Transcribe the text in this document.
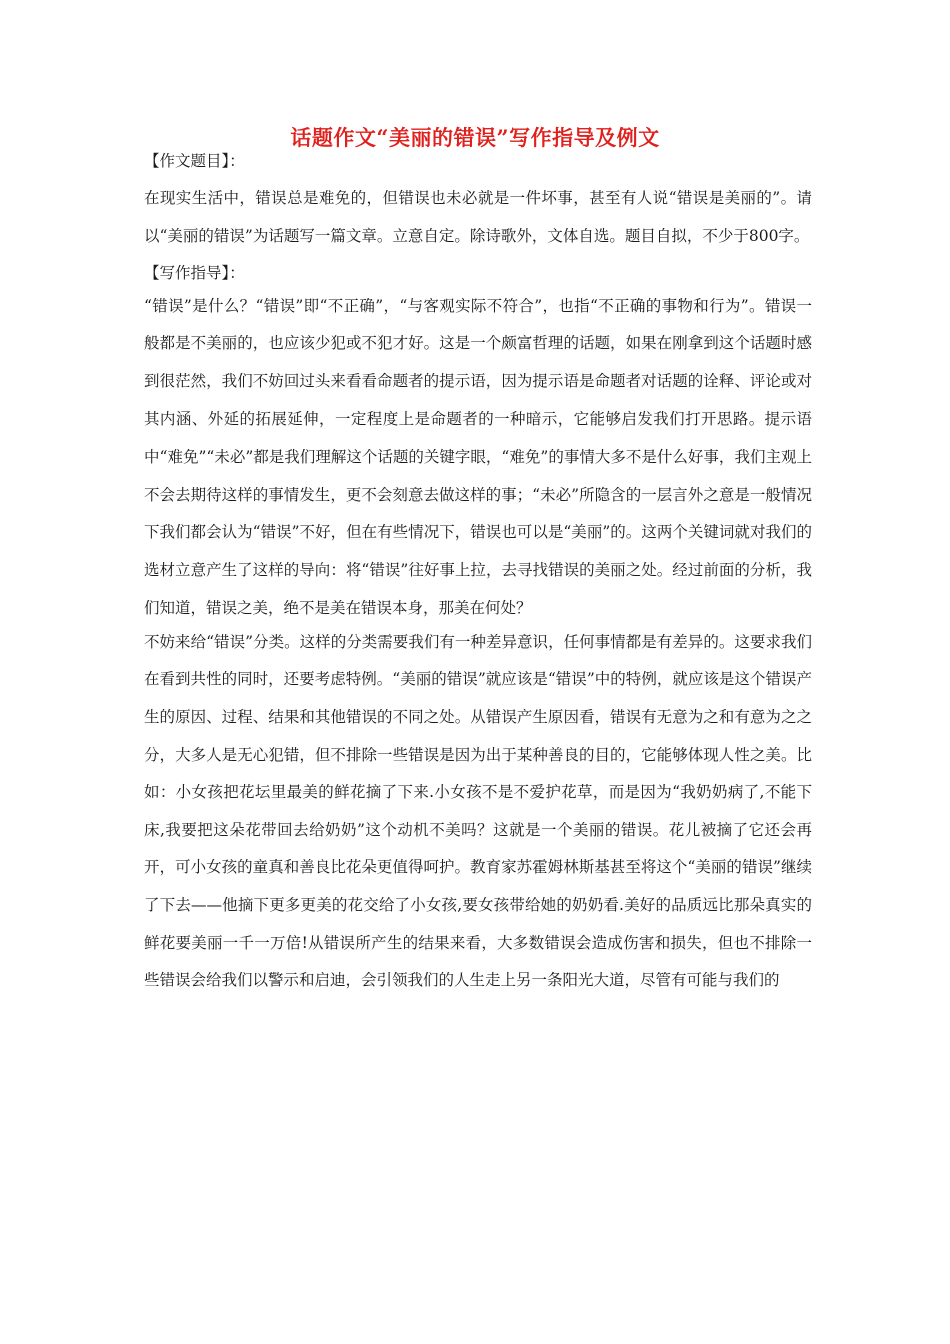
话题作文“美丽的错误”写作指导及例文

【作文题目】：

在现实生活中，错误总是难免的，但错误也未必就是一件坏事，甚至有人说“错误是美丽的”。请以“美丽的错误”为话题写一篇文章。立意自定。除诗歌外，文体自选。题目自拟，不少于800字。

【写作指导】：

“错误”是什么？“错误”即“不正确”，“与客观实际不符合”，也指“不正确的事物和行为”。错误一般都是不美丽的，也应该少犯或不犯才好。这是一个颇富哲理的话题，如果在刚拿到这个话题时感到很茫然，我们不妨回过头来看看命题者的提示语，因为提示语是命题者对话题的诠释、评论或对其内涵、外延的拓展延伸，一定程度上是命题者的一种暗示，它能够启发我们打开思路。提示语中“难免”“未必”都是我们理解这个话题的关键字眼，“难免”的事情大多不是什么好事，我们主观上不会去期待这样的事情发生，更不会刻意去做这样的事；“未必”所隐含的一层言外之意是一般情况下我们都会认为“错误”不好，但在有些情况下，错误也可以是“美丽”的。这两个关键词就对我们的选材立意产生了这样的导向：将“错误”往好事上拉，去寻找错误的美丽之处。经过前面的分析，我们知道，错误之美，绝不是美在错误本身，那美在何处？

不妨来给“错误”分类。这样的分类需要我们有一种差异意识，任何事情都是有差异的。这要求我们在看到共性的同时，还要考虑特例。“美丽的错误”就应该是“错误”中的特例，就应该是这个错误产生的原因、过程、结果和其他错误的不同之处。从错误产生原因看，错误有无意为之和有意为之之分，大多人是无心犯错，但不排除一些错误是因为出于某种善良的目的，它能够体现人性之美。比如：小女孩把花坛里最美的鲜花摘了下来.小女孩不是不爱护花草，而是因为“我奶奶病了,不能下床,我要把这朵花带回去给奶奶”这个动机不美吗？这就是一个美丽的错误。花儿被摘了它还会再开，可小女孩的童真和善良比花朵更值得呵护。教育家苏霍姆林斯基甚至将这个“美丽的错误”继续了下去——他摘下更多更美的花交给了小女孩,要女孩带给她的奶奶看.美好的品质远比那朵真实的鲜花要美丽一千一万倍!从错误所产生的结果来看，大多数错误会造成伤害和损失，但也不排除一些错误会给我们以警示和启迪，会引领我们的人生走上另一条阳光大道，尽管有可能与我们的
